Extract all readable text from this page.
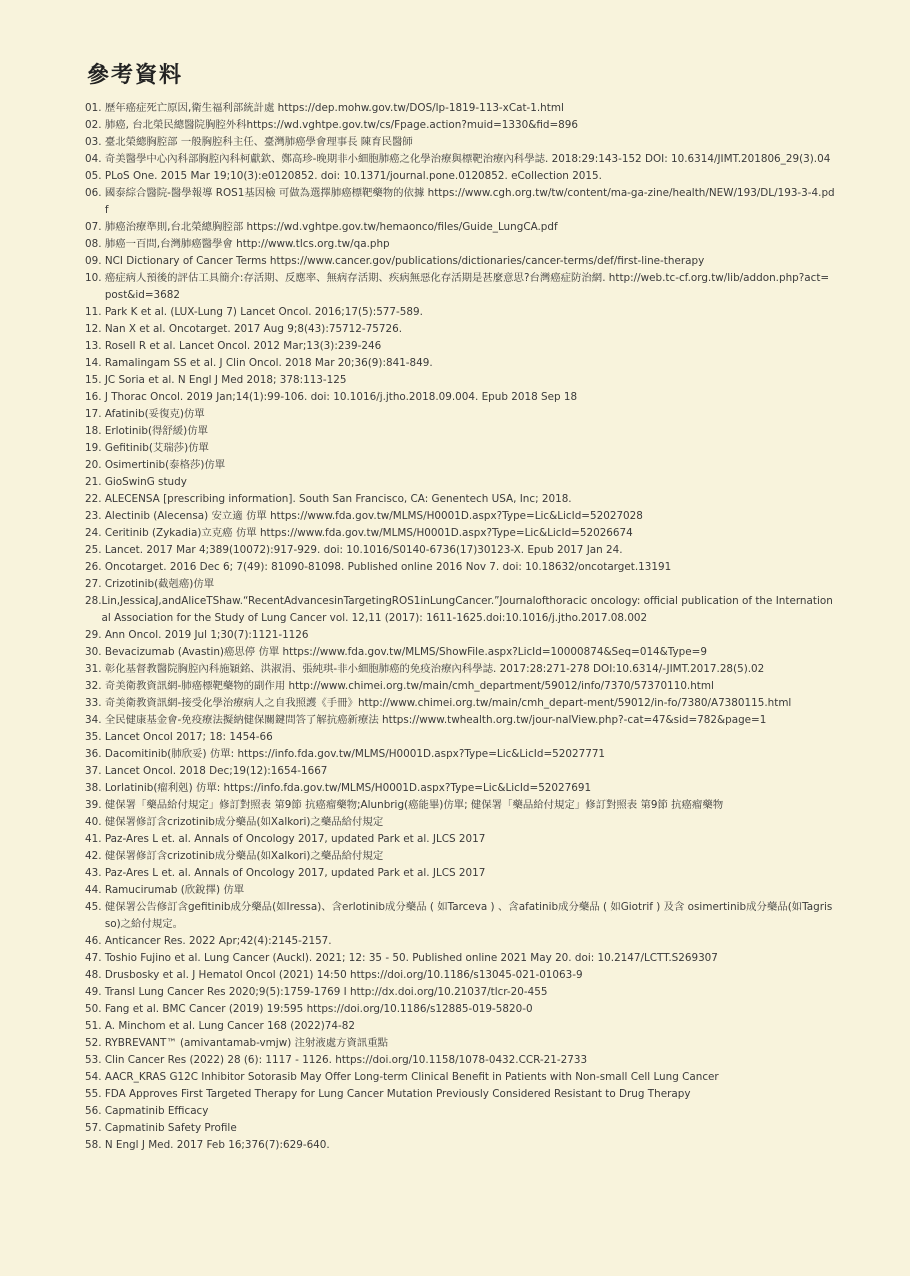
參考資料
01. 歷年癌症死亡原因,衛生福利部統計處 https://dep.mohw.gov.tw/DOS/lp-1819-113-xCat-1.html
02. 肺癌, 台北榮民總醫院胸腔外科https://wd.vghtpe.gov.tw/cs/Fpage.action?muid=1330&fid=896
03. 臺北榮總胸腔部 一般胸腔科主任、臺灣肺癌學會理事長 陳育民醫師
04. 奇美醫學中心內科部胸腔內科柯獻欽、鄭高珍-晚期非小細胞肺癌之化學治療與標靶治療內科學誌. 2018:29:143-152 DOI: 10.6314/JIMT.201806_29(3).04
05. PLoS One. 2015 Mar 19;10(3):e0120852. doi: 10.1371/journal.pone.0120852. eCollection 2015.
06. 國泰綜合醫院-醫學報導 ROS1基因檢 可做為選擇肺癌標靶藥物的依據 https://www.cgh.org.tw/tw/content/ma-ga-zine/health/NEW/193/DL/193-3-4.pdf
07. 肺癌治療準則,台北榮總胸腔部 https://wd.vghtpe.gov.tw/hemaonco/files/Guide_LungCA.pdf
08. 肺癌一百問,台灣肺癌醫學會 http://www.tlcs.org.tw/qa.php
09. NCI Dictionary of Cancer Terms https://www.cancer.gov/publications/dictionaries/cancer-terms/def/first-line-therapy
10. 癌症病人預後的評估工具簡介:存活期、反應率、無病存活期、疾病無惡化存活期是甚麼意思?台灣癌症防治網. http://web.tc-cf.org.tw/lib/addon.php?act=post&id=3682
11. Park K et al. (LUX-Lung 7) Lancet Oncol. 2016;17(5):577-589.
12. Nan X et al. Oncotarget. 2017 Aug 9;8(43):75712-75726.
13. Rosell R et al. Lancet Oncol. 2012 Mar;13(3):239-246
14. Ramalingam SS et al. J Clin Oncol. 2018 Mar 20;36(9):841-849.
15. JC Soria et al. N Engl J Med 2018; 378:113-125
16. J Thorac Oncol. 2019 Jan;14(1):99-106. doi: 10.1016/j.jtho.2018.09.004. Epub 2018 Sep 18
17. Afatinib(妥復克)仿單
18. Erlotinib(得舒緩)仿單
19. Gefitinib(艾瑞莎)仿單
20. Osimertinib(泰格莎)仿單
21. GioSwinG study
22. ALECENSA [prescribing information]. South San Francisco, CA: Genentech USA, Inc; 2018.
23. Alectinib (Alecensa) 安立適 仿單 https://www.fda.gov.tw/MLMS/H0001D.aspx?Type=Lic&LicId=52027028
24. Ceritinib (Zykadia)立克癌 仿單 https://www.fda.gov.tw/MLMS/H0001D.aspx?Type=Lic&LicId=52026674
25. Lancet. 2017 Mar 4;389(10072):917-929. doi: 10.1016/S0140-6736(17)30123-X. Epub 2017 Jan 24.
26. Oncotarget. 2016 Dec 6; 7(49): 81090-81098. Published online 2016 Nov 7. doi: 10.18632/oncotarget.13191
27. Crizotinib(截剋癌)仿單
28. Lin,JessicaJ,andAliceTShaw.“RecentAdvancesinTargetingROS1inLungCancer.”Journalofthoracic oncology: official publication of the International Association for the Study of Lung Cancer vol. 12,11 (2017): 1611-1625.doi:10.1016/j.jtho.2017.08.002
29. Ann Oncol. 2019 Jul 1;30(7):1121-1126
30. Bevacizumab (Avastin)癌思停 仿單 https://www.fda.gov.tw/MLMS/ShowFile.aspx?LicId=10000874&Seq=014&Type=9
31. 彰化基督教醫院胸腔內科施穎銘、洪淑涓、張純琪-非小細胞肺癌的免疫治療內科學誌. 2017:28:271-278 DOI:10.6314/-JIMT.2017.28(5).02
32. 奇美衛教資訊網-肺癌標靶藥物的副作用 http://www.chimei.org.tw/main/cmh_department/59012/info/7370/57370110.html
33. 奇美衛教資訊網-接受化學治療病人之自我照護《手冊》http://www.chimei.org.tw/main/cmh_depart-ment/59012/in-fo/7380/A7380115.html
34. 全民健康基金會-免疫療法擬納健保關鍵問答了解抗癌新療法 https://www.twhealth.org.tw/jour-nalView.php?-cat=47&sid=782&page=1
35. Lancet Oncol 2017; 18: 1454-66
36. Dacomitinib(肺欣妥) 仿單: https://info.fda.gov.tw/MLMS/H0001D.aspx?Type=Lic&LicId=52027771
37. Lancet Oncol. 2018 Dec;19(12):1654-1667
38. Lorlatinib(瘤利剋) 仿單: https://info.fda.gov.tw/MLMS/H0001D.aspx?Type=Lic&LicId=52027691
39. 健保署「藥品給付規定」修訂對照表 第9節 抗癌瘤藥物;Alunbrig(癌能畢)仿單; 健保署「藥品給付規定」修訂對照表 第9節 抗癌瘤藥物
40. 健保署修訂含crizotinib成分藥品(如Xalkori)之藥品給付規定
41. Paz-Ares L et. al. Annals of Oncology 2017, updated Park et al. JLCS 2017
42. 健保署修訂含crizotinib成分藥品(如Xalkori)之藥品給付規定
43. Paz-Ares L et. al. Annals of Oncology 2017, updated Park et al. JLCS 2017
44. Ramucirumab (欣銳擇) 仿單
45. 健保署公告修訂含gefitinib成分藥品(如Iressa)、含erlotinib成分藥品 ( 如Tarceva ) 、含afatinib成分藥品 ( 如Giotrif ) 及含 osimertinib成分藥品(如Tagrisso)之給付規定。
46. Anticancer Res. 2022 Apr;42(4):2145-2157.
47. Toshio Fujino et al. Lung Cancer (Auckl). 2021; 12: 35 - 50. Published online 2021 May 20. doi: 10.2147/LCTT.S269307
48. Drusbosky et al. J Hematol Oncol (2021) 14:50 https://doi.org/10.1186/s13045-021-01063-9
49. Transl Lung Cancer Res 2020;9(5):1759-1769 I http://dx.doi.org/10.21037/tlcr-20-455
50. Fang et al. BMC Cancer (2019) 19:595 https://doi.org/10.1186/s12885-019-5820-0
51. A. Minchom et al. Lung Cancer 168 (2022)74-82
52. RYBREVANT™ (amivantamab-vmjw) 注射液處方資訊重點
53. Clin Cancer Res (2022) 28 (6): 1117 - 1126. https://doi.org/10.1158/1078-0432.CCR-21-2733
54. AACR_KRAS G12C Inhibitor Sotorasib May Offer Long-term Clinical Benefit in Patients with Non-small Cell Lung Cancer
55. FDA Approves First Targeted Therapy for Lung Cancer Mutation Previously Considered Resistant to Drug Therapy
56. Capmatinib Efficacy
57. Capmatinib Safety Profile
58. N Engl J Med. 2017 Feb 16;376(7):629-640.
